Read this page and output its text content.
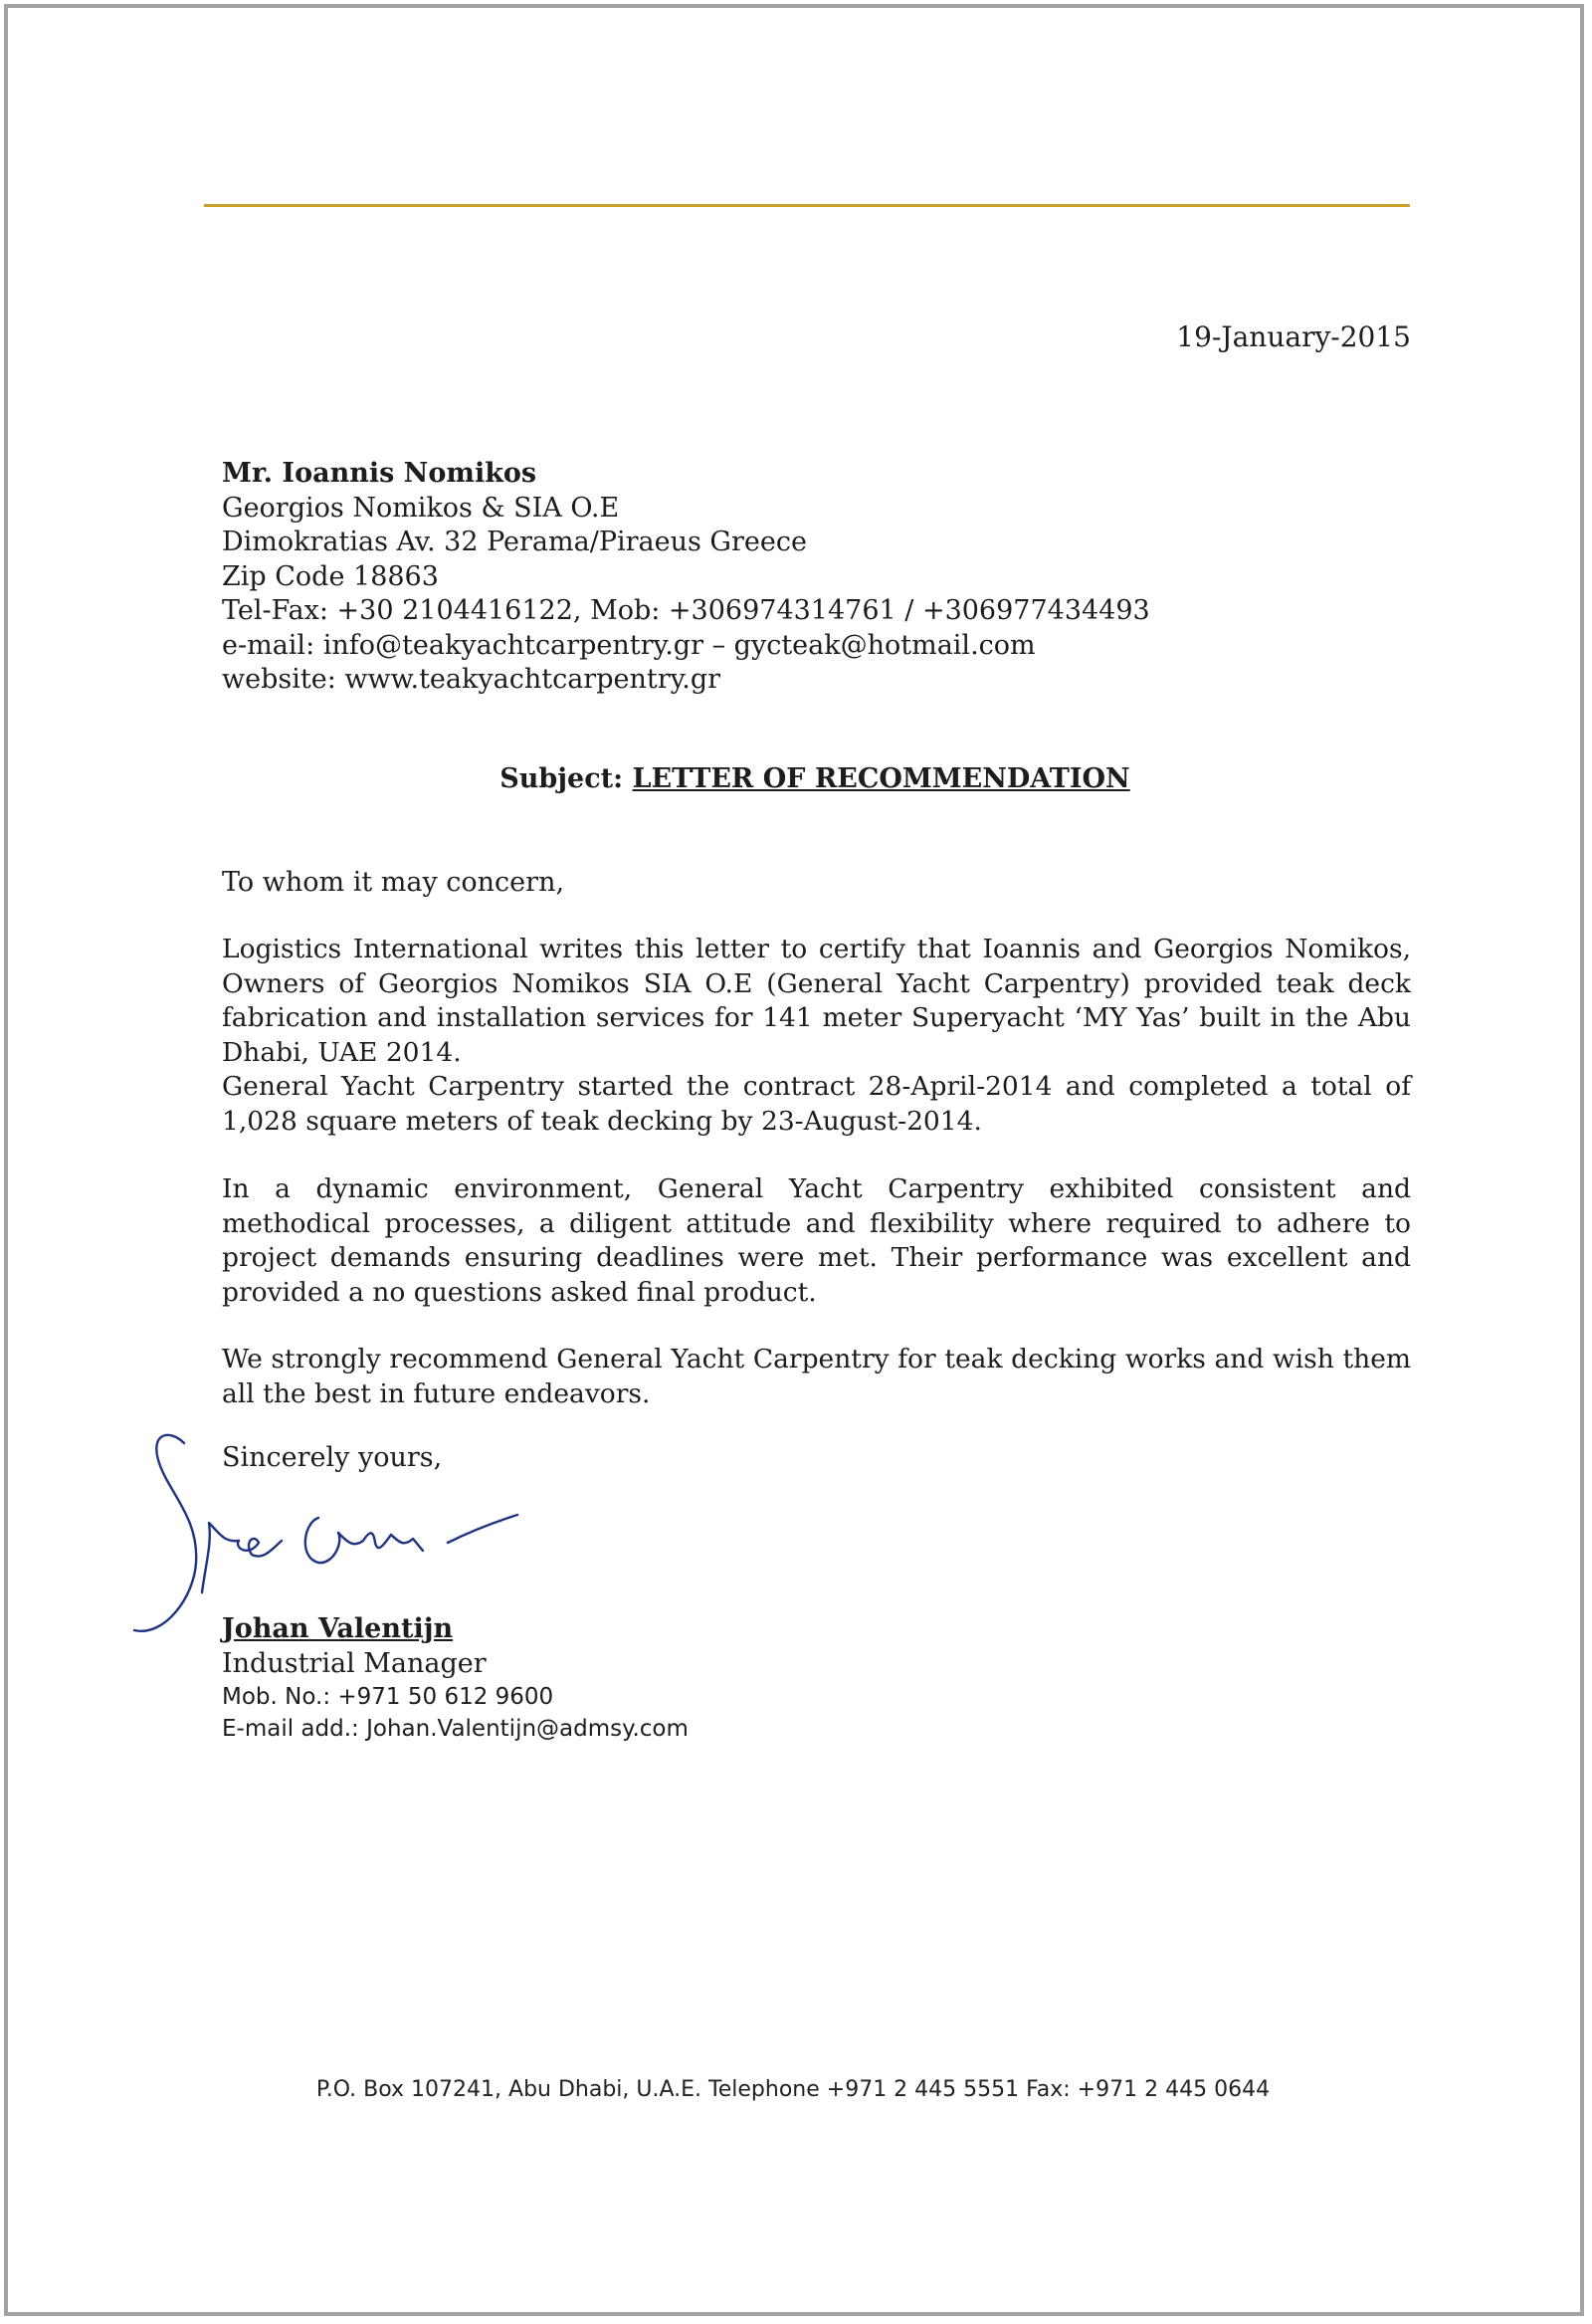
19-January-2015
Mr. Ioannis Nomikos
Georgios Nomikos & SIA O.E
Dimokratias Av. 32 Perama/Piraeus Greece
Zip Code 18863
Tel-Fax: +30 2104416122, Mob: +306974314761 / +306977434493
e-mail: info@teakyachtcarpentry.gr – gycteak@hotmail.com
website: www.teakyachtcarpentry.gr
Subject: LETTER OF RECOMMENDATION
To whom it may concern,

Logistics International writes this letter to certify that Ioannis and Georgios Nomikos, Owners of Georgios Nomikos SIA O.E (General Yacht Carpentry) provided teak deck fabrication and installation services for 141 meter Superyacht ‘MY Yas’ built in the Abu Dhabi, UAE 2014.

General Yacht Carpentry started the contract 28-April-2014 and completed a total of 1,028 square meters of teak decking by 23-August-2014.

In a dynamic environment, General Yacht Carpentry exhibited consistent and methodical processes, a diligent attitude and flexibility where required to adhere to project demands ensuring deadlines were met. Their performance was excellent and provided a no questions asked final product.

We strongly recommend General Yacht Carpentry for teak decking works and wish them all the best in future endeavors.

Sincerely yours,
Johan Valentijn
Industrial Manager
Mob. No.: +971 50 612 9600
E-mail add.: Johan.Valentijn@admsy.com
P.O. Box 107241, Abu Dhabi, U.A.E. Telephone +971 2 445 5551 Fax: +971 2 445 0644
